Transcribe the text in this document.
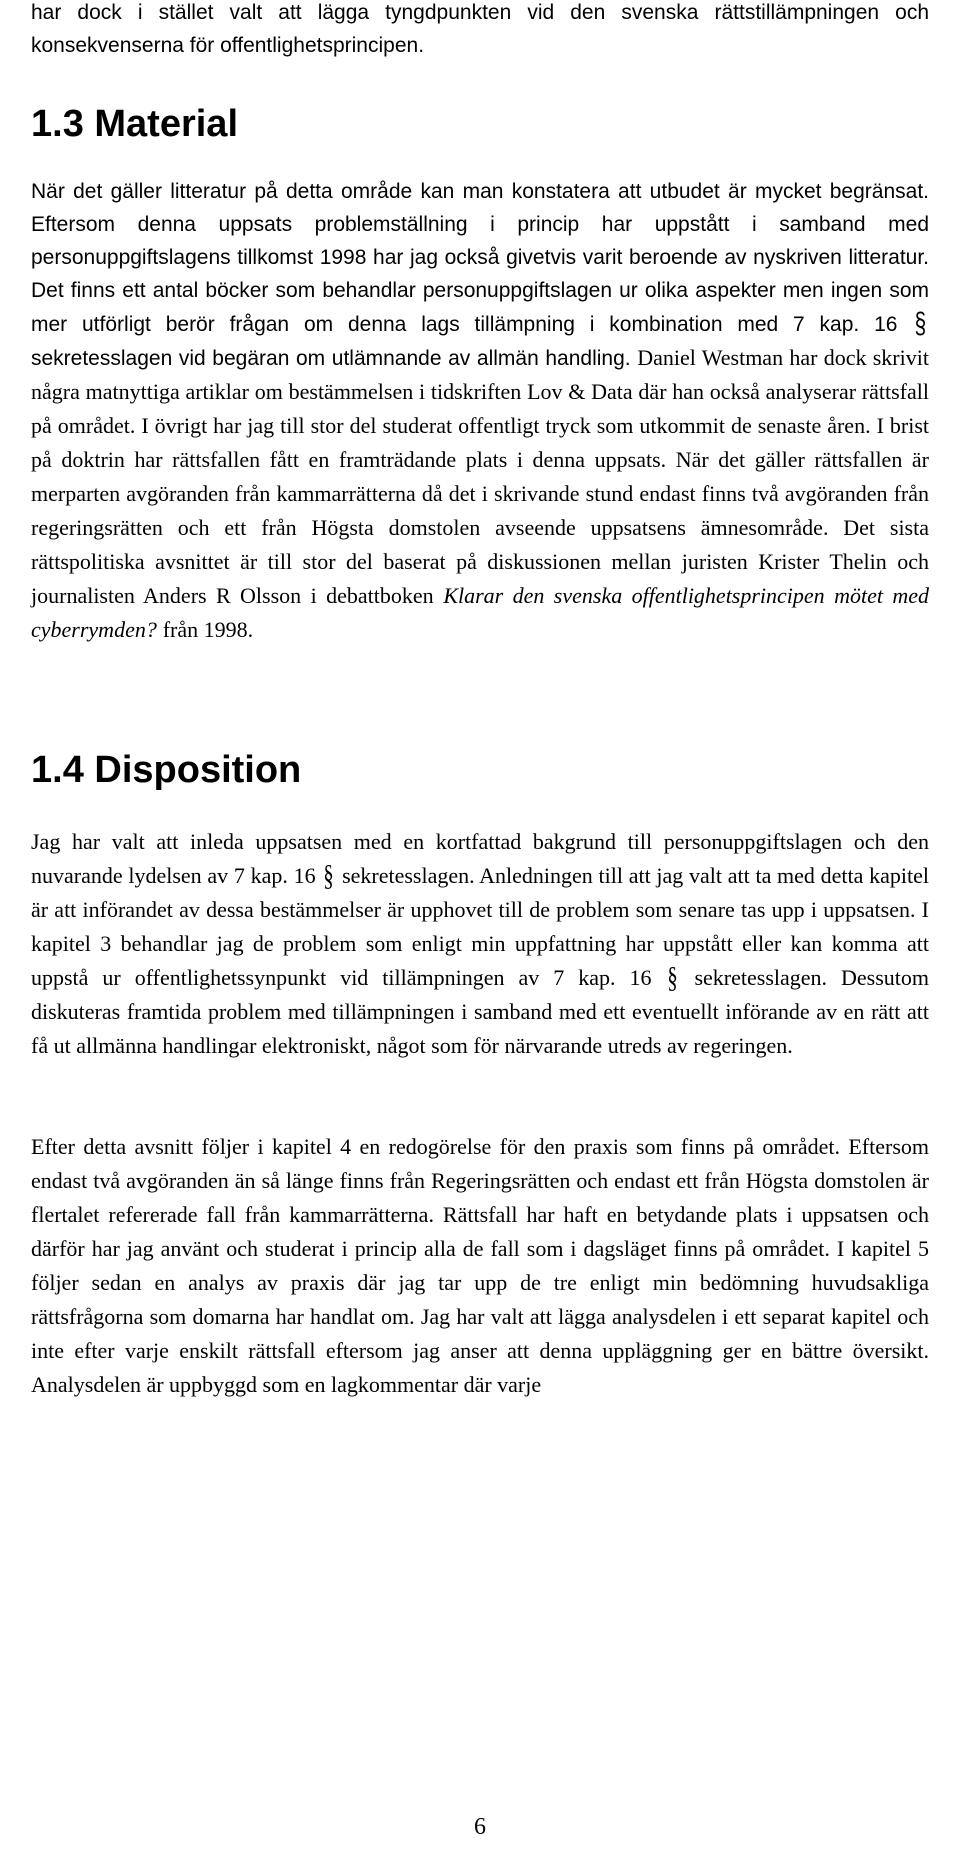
har dock i stället valt att lägga tyngdpunkten vid den svenska rättstillämpningen och konsekvenserna för offentlighetsprincipen.

1.3 Material

När det gäller litteratur på detta område kan man konstatera att utbudet är mycket begränsat. Eftersom denna uppsats problemställning i princip har uppstått i samband med personuppgiftslagens tillkomst 1998 har jag också givetvis varit beroende av nyskriven litteratur. Det finns ett antal böcker som behandlar personuppgiftslagen ur olika aspekter men ingen som mer utförligt berör frågan om denna lags tillämpning i kombination med 7 kap. 16 § sekretesslagen vid begäran om utlämnande av allmän handling. Daniel Westman har dock skrivit några matnyttiga artiklar om bestämmelsen i tidskriften Lov & Data där han också analyserar rättsfall på området. I övrigt har jag till stor del studerat offentligt tryck som utkommit de senaste åren. I brist på doktrin har rättsfallen fått en framträdande plats i denna uppsats. När det gäller rättsfallen är merparten avgöranden från kammarrätterna då det i skrivande stund endast finns två avgöranden från regeringsrätten och ett från Högsta domstolen avseende uppsatsens ämnesområde. Det sista rättspolitiska avsnittet är till stor del baserat på diskussionen mellan juristen Krister Thelin och journalisten Anders R Olsson i debattboken Klarar den svenska offentlighetsprincipen mötet med cyberrymden? från 1998.

1.4 Disposition

Jag har valt att inleda uppsatsen med en kortfattad bakgrund till personuppgiftslagen och den nuvarande lydelsen av 7 kap. 16 § sekretesslagen. Anledningen till att jag valt att ta med detta kapitel är att införandet av dessa bestämmelser är upphovet till de problem som senare tas upp i uppsatsen. I kapitel 3 behandlar jag de problem som enligt min uppfattning har uppstått eller kan komma att uppstå ur offentlighetssynpunkt vid tillämpningen av 7 kap. 16 § sekretesslagen. Dessutom diskuteras framtida problem med tillämpningen i samband med ett eventuellt införande av en rätt att få ut allmänna handlingar elektroniskt, något som för närvarande utreds av regeringen.

Efter detta avsnitt följer i kapitel 4 en redogörelse för den praxis som finns på området. Eftersom endast två avgöranden än så länge finns från Regeringsrätten och endast ett från Högsta domstolen är flertalet refererade fall från kammarrätterna. Rättsfall har haft en betydande plats i uppsatsen och därför har jag använt och studerat i princip alla de fall som i dagsläget finns på området. I kapitel 5 följer sedan en analys av praxis där jag tar upp de tre enligt min bedömning huvudsakliga rättsfrågorna som domarna har handlat om. Jag har valt att lägga analysdelen i ett separat kapitel och inte efter varje enskilt rättsfall eftersom jag anser att denna uppläggning ger en bättre översikt. Analysdelen är uppbyggd som en lagkommentar där varje

6
